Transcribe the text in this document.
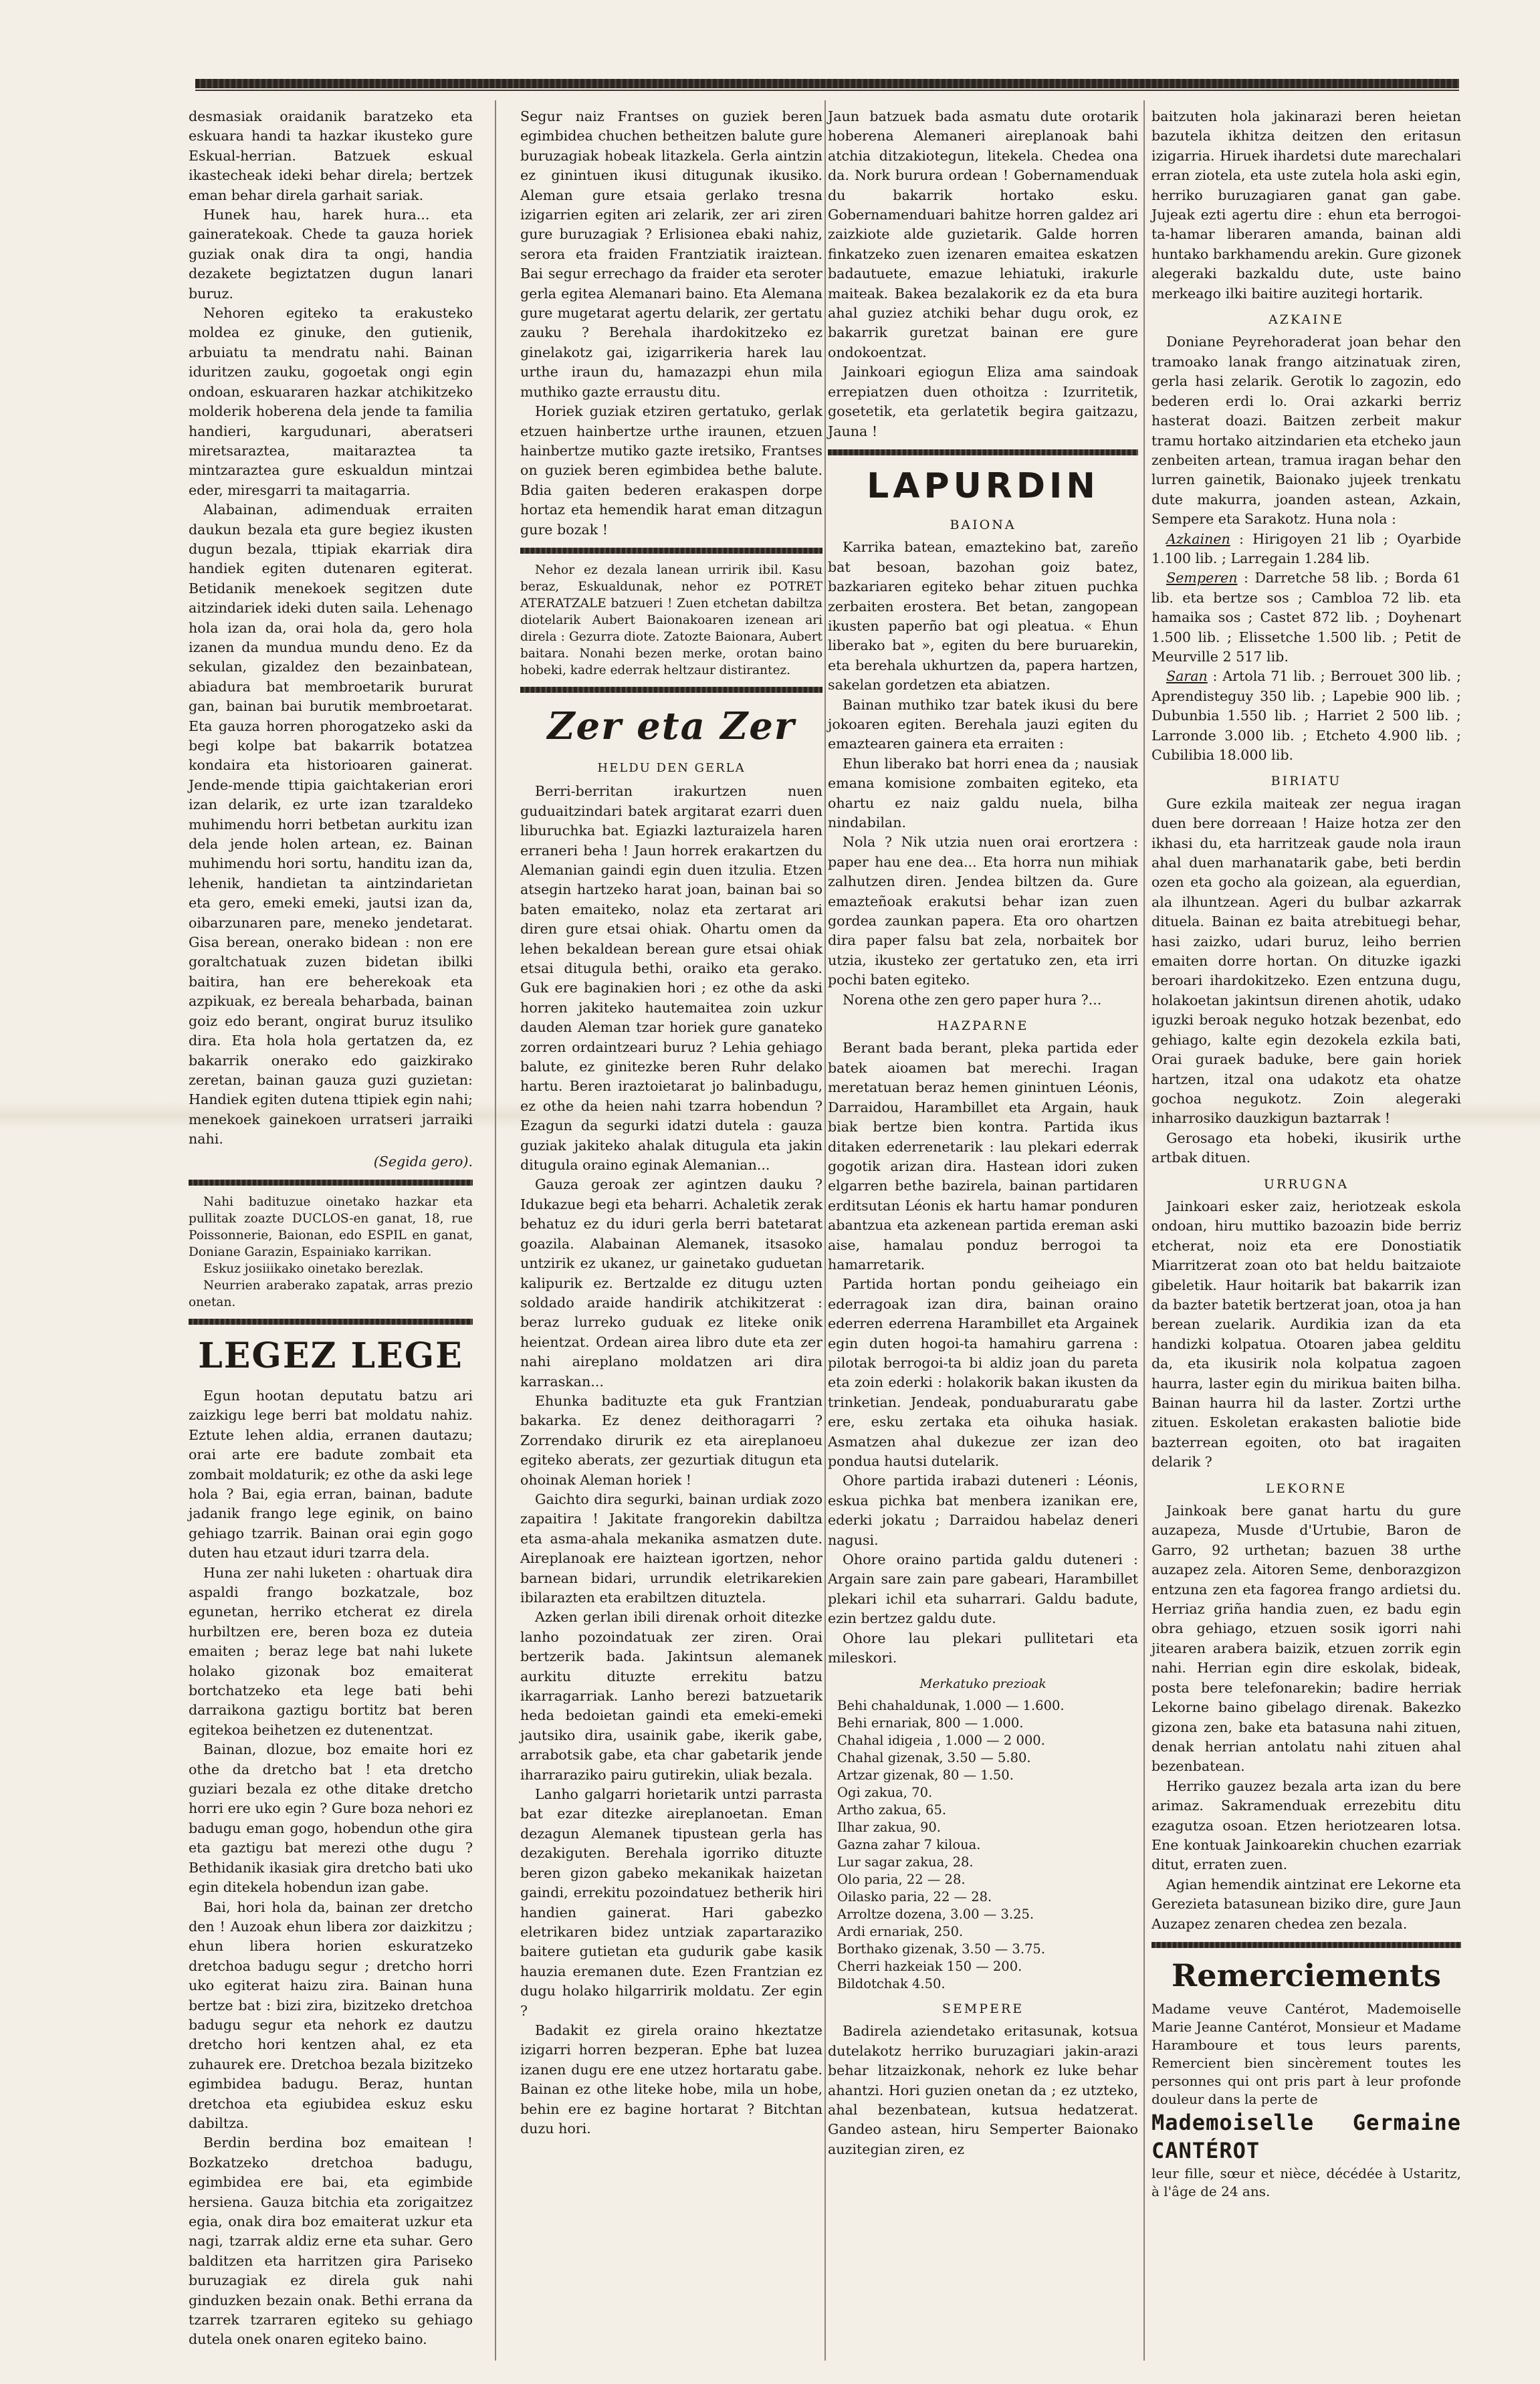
desmasiak oraidanik baratzeko eta eskuara handi ta hazkar ikusteko gure Eskual-herrian. Batzuek eskual ikastecheak ideki behar direla; bertzek eman behar direla garhait sariak.

Hunek hau, harek hura... eta gaineratekoak. Chede ta gauza horiek guziak onak dira ta ongi, handia dezakete begiztatzen dugun lanari buruz.

Nehoren egiteko ta erakusteko moldea ez ginuke, den gutienik, arbuiatu ta mendratu nahi. Bainan iduritzen zauku, gogoetak ongi egin ondoan, eskuararen hazkar atchikitzeko molderik hoberena dela jende ta familia handieri, kargudunari, aberatseri miretsaraztea, maitaraztea ta mintzaraztea gure eskualdun mintzai eder, miresgarri ta maitagarria.

Alabainan, adimenduak erraiten daukun bezala eta gure begiez ikusten dugun bezala, ttipiak ekarriak dira handiek egiten dutenaren egiterat. Betidanik menekoek segitzen dute aitzindariek ideki duten saila. Lehenago hola izan da, orai hola da, gero hola izanen da mundua mundu deno. Ez da sekulan, gizaldez den bezainbatean, abiadura bat membroetarik bururat gan, bainan bai burutik membroetarat. Eta gauza horren phorogatzeko aski da begi kolpe bat bakarrik botatzea kondaira eta historioaren gainerat. Jende-mende ttipia gaichtakerian erori izan delarik, ez urte izan tzaraldeko muhimendu horri betbetan aurkitu izan dela jende holen artean, ez. Bainan muhimendu hori sortu, handitu izan da, lehenik, handietan ta aintzindarietan eta gero, emeki emeki, jautsi izan da, oibarzunaren pare, meneko jendetarat. Gisa berean, onerako bidean : non ere goraltchatuak zuzen bidetan ibilki baitira, han ere beherekoak eta azpikuak, ez bereala beharbada, bainan goiz edo berant, ongirat buruz itsuliko dira. Eta hola hola gertatzen da, ez bakarrik onerako edo gaizkirako zeretan, bainan gauza guzi guzietan: Handiek egiten dutena ttipiek egin nahi; menekoek gainekoen urratseri jarraiki nahi.

(Segida gero).

Nahi badituzue oinetako hazkar eta pullitak zoazte DUCLOS-en ganat, 18, rue Poissonnerie, Baionan, edo ESPIL en ganat, Doniane Garazin, Espainiako karrikan.

Eskuz josiiikako oinetako berezlak.

Neurrien araberako zapatak, arras prezio onetan.

LEGEZ LEGE

Egun hootan deputatu batzu ari zaizkigu lege berri bat moldatu nahiz. Eztute lehen aldia, erranen dautazu; orai arte ere badute zombait eta zombait moldaturik; ez othe da aski lege hola ? Bai, egia erran, bainan, badute jadanik frango lege eginik, on baino gehiago tzarrik. Bainan orai egin gogo duten hau etzaut iduri tzarra dela.

Huna zer nahi luketen : ohartuak dira aspaldi frango bozkatzale, boz egunetan, herriko etcherat ez direla hurbiltzen ere, beren boza ez duteia emaiten ; beraz lege bat nahi lukete holako gizonak boz emaiterat bortchatzeko eta lege bati behi darraikona gaztigu bortitz bat beren egitekoa beihetzen ez dutenentzat.

Bainan, dlozue, boz emaite hori ez othe da dretcho bat ! eta dretcho guziari bezala ez othe ditake dretcho horri ere uko egin ? Gure boza nehori ez badugu eman gogo, hobendun othe gira eta gaztigu bat merezi othe dugu ? Bethidanik ikasiak gira dretcho bati uko egin ditekela hobendun izan gabe.

Bai, hori hola da, bainan zer dretcho den ! Auzoak ehun libera zor daizkitzu ; ehun libera horien eskuratzeko dretchoa badugu segur ; dretcho horri uko egiterat haizu zira. Bainan huna bertze bat : bizi zira, bizitzeko dretchoa badugu segur eta nehork ez dautzu dretcho hori kentzen ahal, ez eta zuhaurek ere. Dretchoa bezala bizitzeko egimbidea badugu. Beraz, huntan dretchoa eta egiubidea eskuz esku dabiltza.

Berdin berdina boz emaitean ! Bozkatzeko dretchoa badugu, egimbidea ere bai, eta egimbide hersiena. Gauza bitchia eta zorigaitzez egia, onak dira boz emaiterat uzkur eta nagi, tzarrak aldiz erne eta suhar. Gero balditzen eta harritzen gira Pariseko buruzagiak ez direla guk nahi ginduzken bezain onak. Bethi errana da tzarrek tzarraren egiteko su gehiago dutela onek onaren egiteko baino.

Segur naiz Frantses on guziek beren egimbidea chuchen betheitzen balute gure buruzagiak hobeak litazkela. Gerla aintzin ez ginintuen ikusi ditugunak ikusiko. Aleman gure etsaia gerlako tresna izigarrien egiten ari zelarik, zer ari ziren gure buruzagiak ? Erlisionea ebaki nahiz, serora eta fraiden Frantziatik iraiztean. Bai segur errechago da fraider eta seroter gerla egitea Alemanari baino. Eta Alemana gure mugetarat agertu delarik, zer gertatu zauku ? Berehala ihardokitzeko ez ginelakotz gai, izigarrikeria harek lau urthe iraun du, hamazazpi ehun mila muthiko gazte erraustu ditu.

Horiek guziak etziren gertatuko, gerlak etzuen hainbertze urthe iraunen, etzuen hainbertze mutiko gazte iretsiko, Frantses on guziek beren egimbidea bethe balute. Bdia gaiten bederen erakaspen dorpe hortaz eta hemendik harat eman ditzagun gure bozak !

Nehor ez dezala lanean urririk ibil. Kasu beraz, Eskualdunak, nehor ez POTRET ATERATZALE batzueri ! Zuen etchetan dabiltza diotelarik Aubert Baionakoaren izenean ari direla : Gezurra diote. Zatozte Baionara, Aubert baitara. Nonahi bezen merke, orotan baino hobeki, kadre ederrak heltzaur distirantez.

Zer eta Zer
HELDU DEN GERLA

Berri-berritan irakurtzen nuen guduaitzindari batek argitarat ezarri duen liburuchka bat. Egiazki lazturaizela haren erraneri beha ! Jaun horrek erakartzen du Alemanian gaindi egin duen itzulia. Etzen atsegin hartzeko harat joan, bainan bai so baten emaiteko, nolaz eta zertarat ari diren gure etsai ohiak. Ohartu omen da lehen bekaldean berean gure etsai ohiak etsai ditugula bethi, oraiko eta gerako. Guk ere baginakien hori ; ez othe da aski horren jakiteko hautemaitea zoin uzkur dauden Aleman tzar horiek gure ganateko zorren ordaintzeari buruz ? Lehia gehiago balute, ez ginitezke beren Ruhr delako hartu. Beren iraztoietarat jo balinbadugu, ez othe da heien nahi tzarra hobendun ? Ezagun da segurki idatzi dutela : gauza guziak jakiteko ahalak ditugula eta jakin ditugula oraino eginak Alemanian...

Gauza geroak zer agintzen dauku ? Idukazue begi eta beharri. Achaletik zerak behatuz ez du iduri gerla berri batetarat goazila. Alabainan Alemanek, itsasoko untzirik ez ukanez, ur gainetako guduetan kalipurik ez. Bertzalde ez ditugu uzten soldado araide handirik atchikitzerat : beraz lurreko guduak ez liteke onik heientzat. Ordean airea libro dute eta zer nahi aireplano moldatzen ari dira karraskan...

Ehunka badituzte eta guk Frantzian bakarka. Ez denez deithoragarri ? Zorrendako dirurik ez eta aireplanoeu egiteko aberats, zer gezurtiak ditugun eta ohoinak Aleman horiek !

Gaichto dira segurki, bainan urdiak zozo zapaitira ! Jakitate frangorekin dabiltza eta asma-ahala mekanika asmatzen dute. Aireplanoak ere haiztean igortzen, nehor barnean bidari, urrundik eletrikarekien ibilarazten eta erabiltzen dituztela.

Azken gerlan ibili direnak orhoit ditezke lanho pozoindatuak zer ziren. Orai bertzerik bada. Jakintsun alemanek aurkitu dituzte errekitu batzu ikarragarriak. Lanho berezi batzuetarik heda bedoietan gaindi eta emeki-emeki jautsiko dira, usainik gabe, ikerik gabe, arrabotsik gabe, eta char gabetarik jende iharraraziko pairu gutirekin, uliak bezala.

Lanho galgarri horietarik untzi parrasta bat ezar ditezke aireplanoetan. Eman dezagun Alemanek tipustean gerla has dezakiguten. Berehala igorriko dituzte beren gizon gabeko mekanikak haizetan gaindi, errekitu pozoindatuez betherik hiri handien gainerat. Hari gabezko eletrikaren bidez untziak zapartaraziko baitere gutietan eta gudurik gabe kasik hauzia eremanen dute. Ezen Frantzian ez dugu holako hilgarririk moldatu. Zer egin ?

Badakit ez girela oraino hkeztatze izigarri horren bezperan. Ephe bat luzea izanen dugu ere ene utzez hortaratu gabe. Bainan ez othe liteke hobe, mila un hobe, behin ere ez bagine hortarat ? Bitchtan duzu hori.

Jaun batzuek bada asmatu dute orotarik hoberena Alemaneri aireplanoak bahi atchia ditzakiotegun, litekela. Chedea ona da. Nork burura ordean ! Gobernamenduak du bakarrik hortako esku. Gobernamenduari bahitze horren galdez ari zaizkiote alde guzietarik. Galde horren finkatzeko zuen izenaren emaitea eskatzen badautuete, emazue lehiatuki, irakurle maiteak. Bakea bezalakorik ez da eta bura ahal guziez atchiki behar dugu orok, ez bakarrik guretzat bainan ere gure ondokoentzat.

Jainkoari egiogun Eliza ama saindoak errepiatzen duen othoitza : Izurritetik, gosetetik, eta gerlatetik begira gaitzazu, Jauna !

LAPURDIN
BAIONA

Karrika batean, emaztekino bat, zareño bat besoan, bazohan goiz batez, bazkariaren egiteko behar zituen puchka zerbaiten erostera. Bet betan, zangopean ikusten paperño bat ogi pleatua. « Ehun liberako bat », egiten du bere buruarekin, eta berehala ukhurtzen da, papera hartzen, sakelan gordetzen eta abiatzen.

Bainan muthiko tzar batek ikusi du bere jokoaren egiten. Berehala jauzi egiten du emaztearen gainera eta erraiten :

Ehun liberako bat horri enea da ; nausiak emana komisione zombaiten egiteko, eta ohartu ez naiz galdu nuela, bilha nindabilan.

Nola ? Nik utzia nuen orai erortzera : paper hau ene dea... Eta horra nun mihiak zalhutzen diren. Jendea biltzen da. Gure emazteñoak erakutsi behar izan zuen gordea zaunkan papera. Eta oro ohartzen dira paper falsu bat zela, norbaitek bor utzia, ikusteko zer gertatuko zen, eta irri pochi baten egiteko.

Norena othe zen gero paper hura ?...

HAZPARNE

Berant bada berant, pleka partida eder batek aioamen bat merechi. Iragan meretatuan beraz hemen ginintuen Léonis, Darraidou, Harambillet eta Argain, hauk biak bertze bien kontra. Partida ikus ditaken ederrenetarik : lau plekari ederrak gogotik arizan dira. Hastean idori zuken elgarren bethe bazirela, bainan partidaren erditsutan Léonis ek hartu hamar ponduren abantzua eta azkenean partida ereman aski aise, hamalau ponduz berrogoi ta hamarretarik.

Partida hortan pondu geiheiago ein ederragoak izan dira, bainan oraino ederren ederrena Harambillet eta Argainek egin duten hogoi-ta hamahiru garrena : pilotak berrogoi-ta bi aldiz joan du pareta eta zoin ederki : holakorik bakan ikusten da trinketian. Jendeak, ponduaburaratu gabe ere, esku zertaka eta oihuka hasiak. Asmatzen ahal dukezue zer izan deo pondua hautsi dutelarik.

Ohore partida irabazi duteneri : Léonis, eskua pichka bat menbera izanikan ere, ederki jokatu ; Darraidou habelaz deneri nagusi.

Ohore oraino partida galdu duteneri : Argain sare zain pare gabeari, Harambillet plekari ichil eta suharrari. Galdu badute, ezin bertzez galdu dute.

Ohore lau plekari pullitetari eta mileskori.

Merkatuko prezioak
Behi chahaldunak, 1.000 — 1.600.
Behi ernariak, 800 — 1.000.
Chahal idigeia , 1.000 — 2 000.
Chahal gizenak, 3.50 — 5.80.
Artzar gizenak, 80 — 1.50.
Ogi zakua, 70.
Artho zakua, 65.
Ilhar zakua, 90.
Gazna zahar 7 kiloua.
Lur sagar zakua, 28.
Olo paria, 22 — 28.
Oilasko paria, 22 — 28.
Arroltze dozena, 3.00 — 3.25.
Ardi ernariak, 250.
Borthako gizenak, 3.50 — 3.75.
Cherri hazkeiak 150 — 200.
Bildotchak 4.50.
SEMPERE

Badirela aziendetako eritasunak, kotsua dutelakotz herriko buruzagiari jakin-arazi behar litzaizkonak, nehork ez luke behar ahantzi. Hori guzien onetan da ; ez utzteko, ahal bezenbatean, kutsua hedatzerat. Gandeo astean, hiru Semperter Baionako auzitegian ziren, ez

baitzuten hola jakinarazi beren heietan bazutela ikhitza deitzen den eritasun izigarria. Hiruek ihardetsi dute marechalari erran ziotela, eta uste zutela hola aski egin, herriko buruzagiaren ganat gan gabe. Jujeak ezti agertu dire : ehun eta berrogoi-ta-hamar liberaren amanda, bainan aldi huntako barkhamendu arekin. Gure gizonek alegeraki bazkaldu dute, uste baino merkeago ilki baitire auzitegi hortarik.

AZKAINE

Doniane Peyrehoraderat joan behar den tramoako lanak frango aitzinatuak ziren, gerla hasi zelarik. Gerotik lo zagozin, edo bederen erdi lo. Orai azkarki berriz hasterat doazi. Baitzen zerbeit makur tramu hortako aitzindarien eta etcheko jaun zenbeiten artean, tramua iragan behar den lurren gainetik, Baionako jujeek trenkatu dute makurra, joanden astean, Azkain, Sempere eta Sarakotz. Huna nola :

Azkainen : Hirigoyen 21 lib ; Oyarbide 1.100 lib. ; Larregain 1.284 lib.

Semperen : Darretche 58 lib. ; Borda 61 lib. eta bertze sos ; Cambloa 72 lib. eta hamaika sos ; Castet 872 lib. ; Doyhenart 1.500 lib. ; Elissetche 1.500 lib. ; Petit de Meurville 2 517 lib.

Saran : Artola 71 lib. ; Berrouet 300 lib. ; Aprendisteguy 350 lib. ; Lapebie 900 lib. ; Dubunbia 1.550 lib. ; Harriet 2 500 lib. ; Larronde 3.000 lib. ; Etcheto 4.900 lib. ; Cubilibia 18.000 lib.

BIRIATU

Gure ezkila maiteak zer negua iragan duen bere dorreaan ! Haize hotza zer den ikhasi du, eta harritzeak gaude nola iraun ahal duen marhanatarik gabe, beti berdin ozen eta gocho ala goizean, ala eguerdian, ala ilhuntzean. Ageri du bulbar azkarrak dituela. Bainan ez baita atrebituegi behar, hasi zaizko, udari buruz, leiho berrien emaiten dorre hortan. On dituzke igazki beroari ihardokitzeko. Ezen entzuna dugu, holakoetan jakintsun direnen ahotik, udako iguzki beroak neguko hotzak bezenbat, edo gehiago, kalte egin dezokela ezkila bati, Orai guraek baduke, bere gain horiek hartzen, itzal ona udakotz eta ohatze gochoa negukotz. Zoin alegeraki inharrosiko dauzkigun baztarrak !

Gerosago eta hobeki, ikusirik urthe artbak dituen.

URRUGNA

Jainkoari esker zaiz, heriotzeak eskola ondoan, hiru muttiko bazoazin bide berriz etcherat, noiz eta ere Donostiatik Miarritzerat zoan oto bat heldu baitzaiote gibeletik. Haur hoitarik bat bakarrik izan da bazter batetik bertzerat joan, otoa ja han berean zuelarik. Aurdikia izan da eta handizki kolpatua. Otoaren jabea gelditu da, eta ikusirik nola kolpatua zagoen haurra, laster egin du mirikua baiten bilha. Bainan haurra hil da laster. Zortzi urthe zituen. Eskoletan erakasten baliotie bide bazterrean egoiten, oto bat iragaiten delarik ?

LEKORNE

Jainkoak bere ganat hartu du gure auzapeza, Musde d'Urtubie, Baron de Garro, 92 urthetan; bazuen 38 urthe auzapez zela. Aitoren Seme, denborazgizon entzuna zen eta fagorea frango ardietsi du. Herriaz griña handia zuen, ez badu egin obra gehiago, etzuen sosik igorri nahi jitearen arabera baizik, etzuen zorrik egin nahi. Herrian egin dire eskolak, bideak, posta bere telefonarekin; badire herriak Lekorne baino gibelago direnak. Bakezko gizona zen, bake eta batasuna nahi zituen, denak herrian antolatu nahi zituen ahal bezenbatean.

Herriko gauzez bezala arta izan du bere arimaz. Sakramenduak errezebitu ditu ezagutza osoan. Etzen heriotzearen lotsa. Ene kontuak Jainkoarekin chuchen ezarriak ditut, erraten zuen.

Agian hemendik aintzinat ere Lekorne eta Gerezieta batasunean biziko dire, gure Jaun Auzapez zenaren chedea zen bezala.

Remerciements
Madame veuve Cantérot, Mademoiselle Marie Jeanne Cantérot, Monsieur et Madame Haramboure et tous leurs parents, Remercient bien sincèrement toutes les personnes qui ont pris part à leur profonde douleur dans la perte de
Mademoiselle Germaine CANTÉROT
leur fille, sœur et nièce, décédée à Ustaritz, à l'âge de 24 ans.
